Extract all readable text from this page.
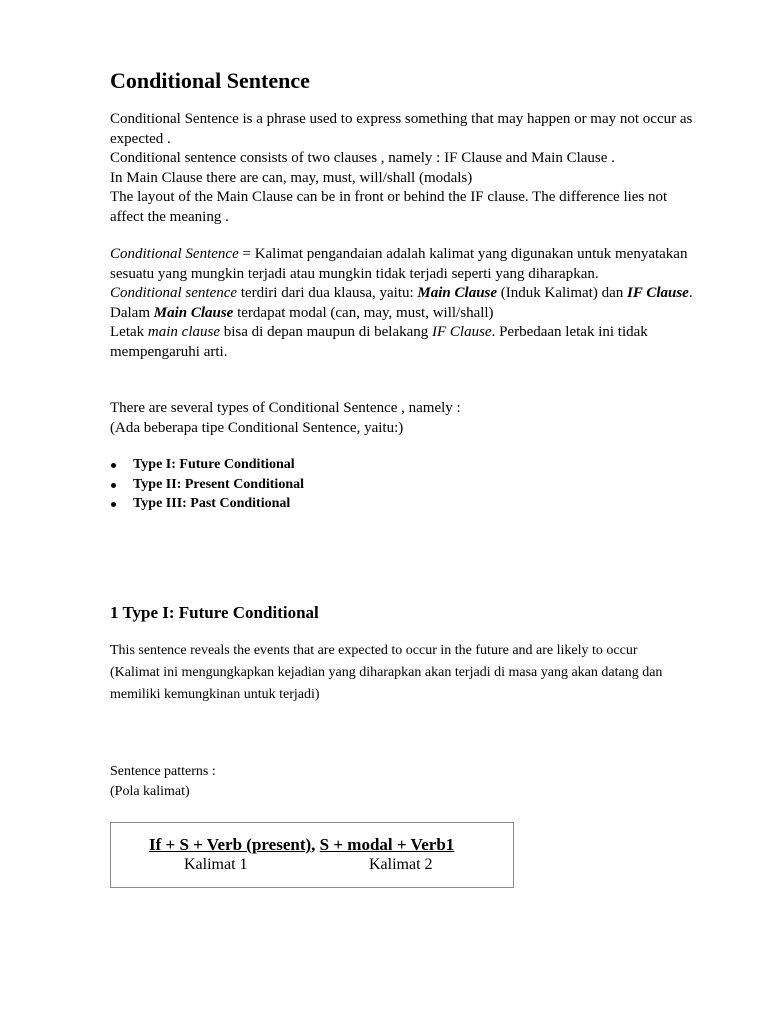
Conditional Sentence

Conditional Sentence is a phrase used to express something that may happen or may not occur as expected .
Conditional sentence consists of two clauses , namely : IF Clause and Main Clause .
In Main Clause there are can, may, must, will/shall (modals)
The layout of the Main Clause can be in front or behind the IF clause. The difference lies not affect the meaning .

Conditional Sentence = Kalimat pengandaian adalah kalimat yang digunakan untuk menyatakan sesuatu yang mungkin terjadi atau mungkin tidak terjadi seperti yang diharapkan.
Conditional sentence terdiri dari dua klausa, yaitu: Main Clause (Induk Kalimat) dan IF Clause.
Dalam Main Clause terdapat modal (can, may, must, will/shall)
Letak main clause bisa di depan maupun di belakang IF Clause. Perbedaan letak ini tidak mempengaruhi arti.

There are several types of Conditional Sentence , namely :
(Ada beberapa tipe Conditional Sentence, yaitu:)

Type I: Future Conditional
Type II: Present Conditional
Type III: Past Conditional
1 Type I: Future Conditional

This sentence reveals the events that are expected to occur in the future and are likely to occur
(Kalimat ini mengungkapkan kejadian yang diharapkan akan terjadi di masa yang akan datang dan memiliki kemungkinan untuk terjadi)

Sentence patterns :
(Pola kalimat)

If + S + Verb (present), S + modal + Verb1
Kalimat 1	Kalimat 2
